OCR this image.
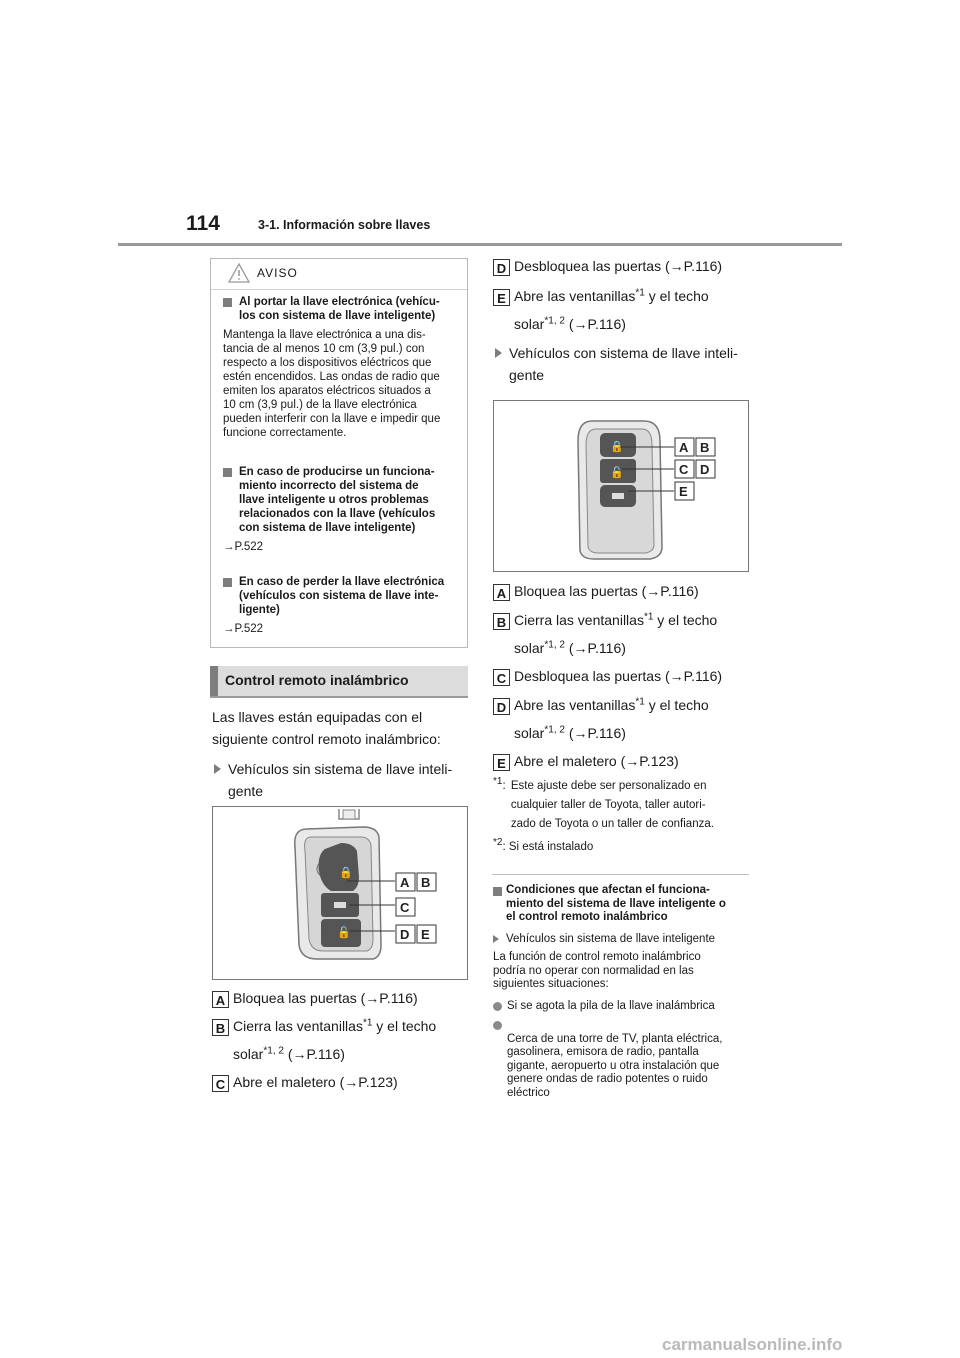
114	3-1. Información sobre llaves
AVISO
Al portar la llave electrónica (vehícu-
los con sistema de llave inteligente)
Mantenga la llave electrónica a una dis-
tancia de al menos 10 cm (3,9 pul.) con
respecto a los dispositivos eléctricos que
estén encendidos. Las ondas de radio que
emiten los aparatos eléctricos situados a
10 cm (3,9 pul.) de la llave electrónica
pueden interferir con la llave e impedir que
funcione correctamente.
En caso de producirse un funciona-
miento incorrecto del sistema de
llave inteligente u otros problemas
relacionados con la llave (vehículos
con sistema de llave inteligente)
→P.522
En caso de perder la llave electrónica
(vehículos con sistema de llave inte-
ligente)
→P.522
Control remoto inalámbrico
Las llaves están equipadas con el
siguiente control remoto inalámbrico:
Vehículos sin sistema de llave inteli-
gente
🔒
🔓
A B
C
D E
A Bloquea las puertas (→P.116)
B Cierra las ventanillas$^{*1}$ y el techo
solar$^{*1, 2}$ (→P.116)
C Abre el maletero (→P.123)
D Desbloquea las puertas (→P.116)
E Abre las ventanillas$^{*1}$ y el techo
solar$^{*1, 2}$ (→P.116)
Vehículos con sistema de llave inteli-
gente
🔒
🔓
A B
C D
E
A Bloquea las puertas (→P.116)
B Cierra las ventanillas$^{*1}$ y el techo
solar$^{*1, 2}$ (→P.116)
C Desbloquea las puertas (→P.116)
D Abre las ventanillas$^{*1}$ y el techo
solar$^{*1, 2}$ (→P.116)
E Abre el maletero (→P.123)
*1: Este ajuste debe ser personalizado en
cualquier taller de Toyota, taller autori-
zado de Toyota o un taller de confianza.
*2: Si está instalado
Condiciones que afectan el funciona-
miento del sistema de llave inteligente o
el control remoto inalámbrico
Vehículos sin sistema de llave inteligente
La función de control remoto inalámbrico
podría no operar con normalidad en las
siguientes situaciones:
Si se agota la pila de la llave inalámbrica

Cerca de una torre de TV, planta eléctrica,
gasolinera, emisora de radio, pantalla
gigante, aeropuerto u otra instalación que
genere ondas de radio potentes o ruido
eléctrico

carmanualsonline.info
